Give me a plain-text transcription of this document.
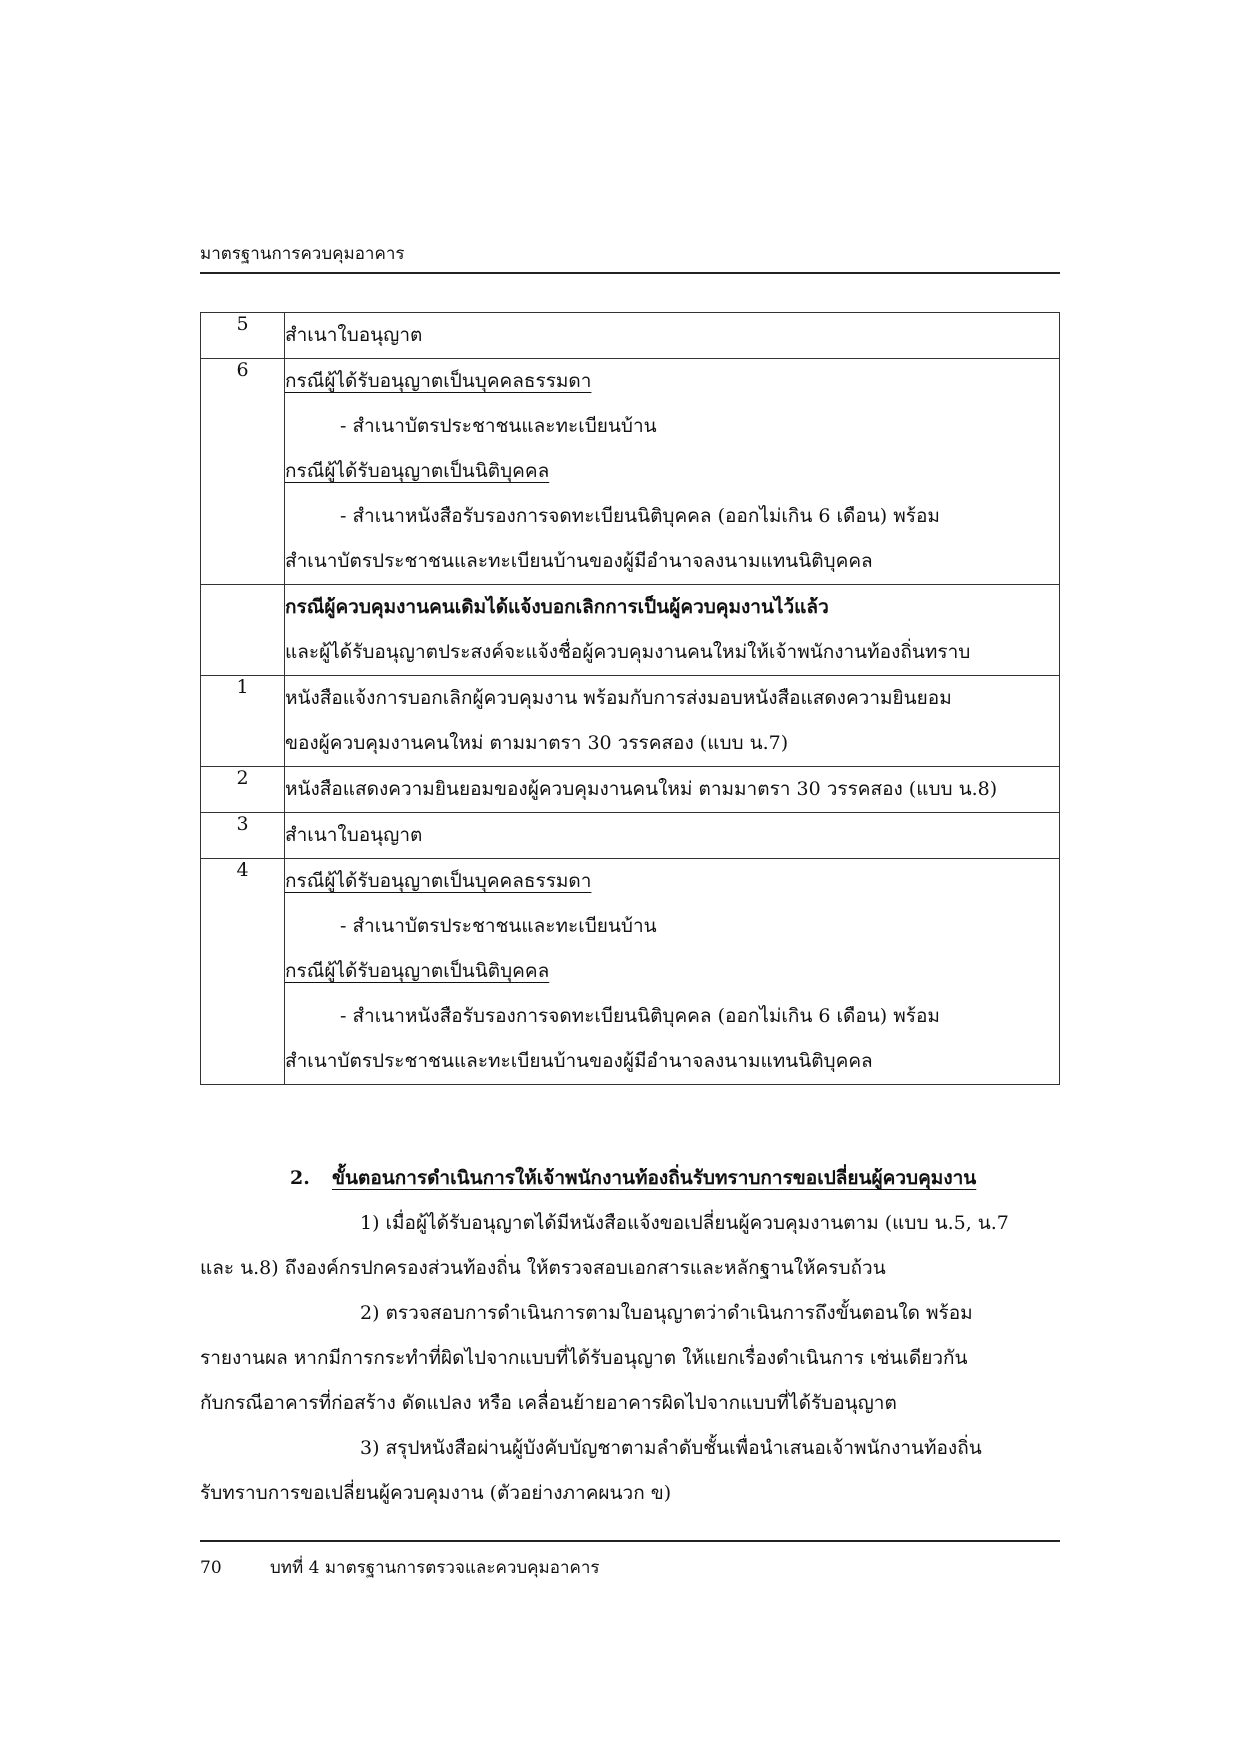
มาตรฐานการควบคุมอาคาร
5	สำเนาใบอนุญาต

6	กรณีผู้ได้รับอนุญาตเป็นบุคคลธรรมดา
- สำเนาบัตรประชาชนและทะเบียนบ้าน
กรณีผู้ได้รับอนุญาตเป็นนิติบุคคล
- สำเนาหนังสือรับรองการจดทะเบียนนิติบุคคล (ออกไม่เกิน 6 เดือน) พร้อม
สำเนาบัตรประชาชนและทะเบียนบ้านของผู้มีอำนาจลงนามแทนนิติบุคคล

	กรณีผู้ควบคุมงานคนเดิมได้แจ้งบอกเลิกการเป็นผู้ควบคุมงานไว้แล้ว
และผู้ได้รับอนุญาตประสงค์จะแจ้งชื่อผู้ควบคุมงานคนใหม่ให้เจ้าพนักงานท้องถิ่นทราบ

1	หนังสือแจ้งการบอกเลิกผู้ควบคุมงาน พร้อมกับการส่งมอบหนังสือแสดงความยินยอม
ของผู้ควบคุมงานคนใหม่ ตามมาตรา 30 วรรคสอง (แบบ น.7)

2	หนังสือแสดงความยินยอมของผู้ควบคุมงานคนใหม่ ตามมาตรา 30 วรรคสอง (แบบ น.8)

3	สำเนาใบอนุญาต

4	กรณีผู้ได้รับอนุญาตเป็นบุคคลธรรมดา
- สำเนาบัตรประชาชนและทะเบียนบ้าน
กรณีผู้ได้รับอนุญาตเป็นนิติบุคคล
- สำเนาหนังสือรับรองการจดทะเบียนนิติบุคคล (ออกไม่เกิน 6 เดือน) พร้อม
สำเนาบัตรประชาชนและทะเบียนบ้านของผู้มีอำนาจลงนามแทนนิติบุคคล
2. ขั้นตอนการดำเนินการให้เจ้าพนักงานท้องถิ่นรับทราบการขอเปลี่ยนผู้ควบคุมงาน
1) เมื่อผู้ได้รับอนุญาตได้มีหนังสือแจ้งขอเปลี่ยนผู้ควบคุมงานตาม (แบบ น.5, น.7
และ น.8) ถึงองค์กรปกครองส่วนท้องถิ่น ให้ตรวจสอบเอกสารและหลักฐานให้ครบถ้วน
2) ตรวจสอบการดำเนินการตามใบอนุญาตว่าดำเนินการถึงขั้นตอนใด พร้อม
รายงานผล หากมีการกระทำที่ผิดไปจากแบบที่ได้รับอนุญาต ให้แยกเรื่องดำเนินการ เช่นเดียวกัน
กับกรณีอาคารที่ก่อสร้าง ดัดแปลง หรือ เคลื่อนย้ายอาคารผิดไปจากแบบที่ได้รับอนุญาต
3) สรุปหนังสือผ่านผู้บังคับบัญชาตามลำดับชั้นเพื่อนำเสนอเจ้าพนักงานท้องถิ่น
รับทราบการขอเปลี่ยนผู้ควบคุมงาน (ตัวอย่างภาคผนวก ข)
70	บทที่ 4 มาตรฐานการตรวจและควบคุมอาคาร
